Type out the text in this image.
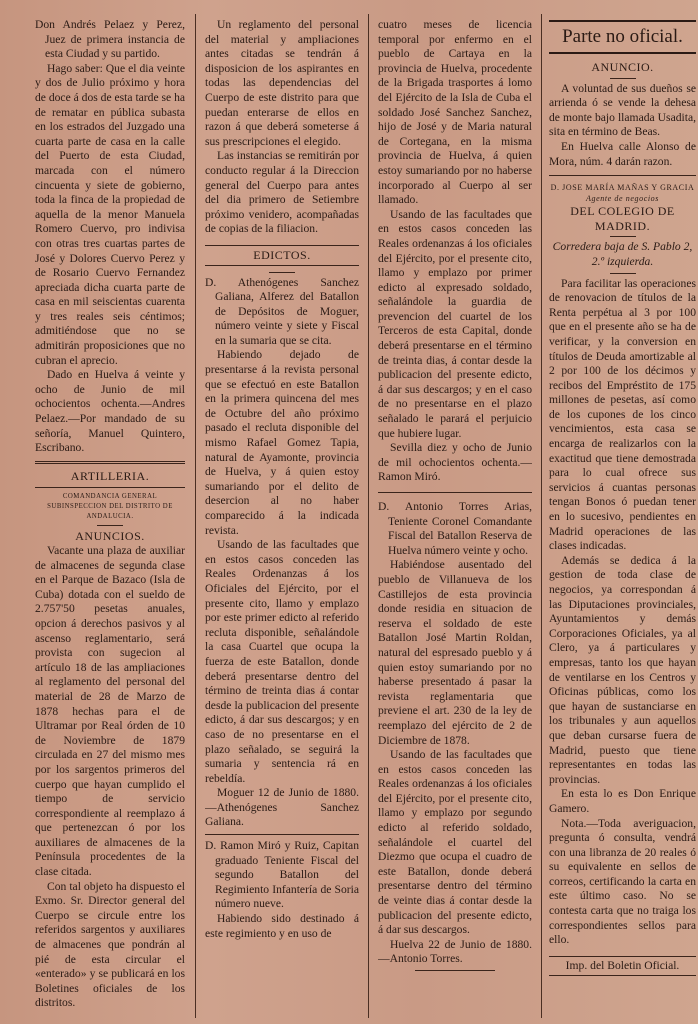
Don Andrés Pelaez y Perez, Juez de primera instancia de esta Ciudad y su partido.

Hago saber: Que el dia veinte y dos de Julio próximo y hora de doce á dos de esta tarde se ha de rematar en pública subasta en los estrados del Juzgado una cuarta parte de casa en la calle del Puerto de esta Ciudad, marcada con el número cincuenta y siete de gobierno, toda la finca de la propiedad de aquella de la menor Manuela Romero Cuervo, pro indivisa con otras tres cuartas partes de José y Dolores Cuervo Perez y de Rosario Cuervo Fernandez apreciada dicha cuarta parte de casa en mil seiscientas cuarenta y tres reales seis céntimos; admitiéndose que no se admitirán proposiciones que no cubran el aprecio.

Dado en Huelva á veinte y ocho de Junio de mil ochocientos ochenta.—Andres Pelaez.—Por mandado de su señoría, Manuel Quintero, Escribano.

ARTILLERIA.

COMANDANCIA GENERAL SUBINSPECCION DEL DISTRITO DE ANDALUCIA.

ANUNCIOS.

Vacante una plaza de auxiliar de almacenes de segunda clase en el Parque de Bazaco (Isla de Cuba) dotada con el sueldo de 2.757'50 pesetas anuales, opcion á derechos pasivos y al ascenso reglamentario, será provista con sugecion al artículo 18 de las ampliaciones al reglamento del personal del material de 28 de Marzo de 1878 hechas para el de Ultramar por Real órden de 10 de Noviembre de 1879 circulada en 27 del mismo mes por los sargentos primeros del cuerpo que hayan cumplido el tiempo de servicio correspondiente al reemplazo á que pertenezcan ó por los auxiliares de almacenes de la Península procedentes de la clase citada.

Con tal objeto ha dispuesto el Exmo. Sr. Director general del Cuerpo se circule entre los referidos sargentos y auxiliares de almacenes que pondrán al pié de esta circular el «enterado» y se publicará en los Boletines oficiales de los distritos.

Un reglamento del personal del material y ampliaciones antes citadas se tendrán á disposicion de los aspirantes en todas las dependencias del Cuerpo de este distrito para que puedan enterarse de ellos en razon á que deberá someterse á sus prescripciones el elegido.

Las instancias se remitirán por conducto regular á la Direccion general del Cuerpo para antes del dia primero de Setiembre próximo venidero, acompañadas de copias de la filiacion.

EDICTOS.

D. Athenógenes Sanchez Galiana, Alferez del Batallon de Depósitos de Moguer, número veinte y siete y Fiscal en la sumaria que se cita.

Habiendo dejado de presentarse á la revista personal que se efectuó en este Batallon en la primera quincena del mes de Octubre del año próximo pasado el recluta disponible del mismo Rafael Gomez Tapia, natural de Ayamonte, provincia de Huelva, y á quien estoy sumariando por el delito de desercion al no haber comparecido á la indicada revista.

Usando de las facultades que en estos casos conceden las Reales Ordenanzas á los Oficiales del Ejército, por el presente cito, llamo y emplazo por este primer edicto al referido recluta disponible, señalándole la casa Cuartel que ocupa la fuerza de este Batallon, donde deberá presentarse dentro del término de treinta dias á contar desde la publicacion del presente edicto, á dar sus descargos; y en caso de no presentarse en el plazo señalado, se seguirá la sumaria y sentencia rá en rebeldía.

Moguer 12 de Junio de 1880.—Athenógenes Sanchez Galiana.

D. Ramon Miró y Ruiz, Capitan graduado Teniente Fiscal del segundo Batallon del Regimiento Infantería de Soria número nueve.

Habiendo sido destinado á este regimiento y en uso de

cuatro meses de licencia temporal por enfermo en el pueblo de Cartaya en la provincia de Huelva, procedente de la Brigada trasportes á lomo del Ejército de la Isla de Cuba el soldado José Sanchez Sanchez, hijo de José y de Maria natural de Cortegana, en la misma provincia de Huelva, á quien estoy sumariando por no haberse incorporado al Cuerpo al ser llamado.

Usando de las facultades que en estos casos conceden las Reales ordenanzas á los oficiales del Ejército, por el presente cito, llamo y emplazo por primer edicto al expresado soldado, señalándole la guardia de prevencion del cuartel de los Terceros de esta Capital, donde deberá presentarse en el término de treinta dias, á contar desde la publicacion del presente edicto, á dar sus descargos; y en el caso de no presentarse en el plazo señalado le parará el perjuicio que hubiere lugar.

Sevilla diez y ocho de Junio de mil ochocientos ochenta.—Ramon Miró.

D. Antonio Torres Arias, Teniente Coronel Comandante Fiscal del Batallon Reserva de Huelva número veinte y ocho.

Habiéndose ausentado del pueblo de Villanueva de los Castillejos de esta provincia donde residia en situacion de reserva el soldado de este Batallon José Martin Roldan, natural del espresado pueblo y á quien estoy sumariando por no haberse presentado á pasar la revista reglamentaria que previene el art. 230 de la ley de reemplazo del ejército de 2 de Diciembre de 1878.

Usando de las facultades que en estos casos conceden las Reales ordenanzas á los oficiales del Ejército, por el presente cito, llamo y emplazo por segundo edicto al referido soldado, señalándole el cuartel del Diezmo que ocupa el cuadro de este Batallon, donde deberá presentarse dentro del término de veinte dias á contar desde la publicacion del presente edicto, á dar sus descargos.

Huelva 22 de Junio de 1880.—Antonio Torres.

Parte no oficial.

ANUNCIO.

A voluntad de sus dueños se arrienda ó se vende la dehesa de monte bajo llamada Usadita, sita en término de Beas.

En Huelva calle Alonso de Mora, núm. 4 darán razon.

D. JOSE MARÍA MAÑAS Y GRACIA

Agente de negocios

DEL COLEGIO DE MADRID.

Corredera baja de S. Pablo 2, 2.º izquierda.

Para facilitar las operaciones de renovacion de títulos de la Renta perpétua al 3 por 100 que en el presente año se ha de verificar, y la conversion en títulos de Deuda amortizable al 2 por 100 de los décimos y recibos del Empréstito de 175 millones de pesetas, así como de los cupones de los cinco vencimientos, esta casa se encarga de realizarlos con la exactitud que tiene demostrada para lo cual ofrece sus servicios á cuantas personas tengan Bonos ó puedan tener en lo sucesivo, pendientes en Madrid operaciones de las clases indicadas.

Además se dedica á la gestion de toda clase de negocios, ya correspondan á las Diputaciones provinciales, Ayuntamientos y demás Corporaciones Oficiales, ya al Clero, ya á particulares y empresas, tanto los que hayan de ventilarse en los Centros y Oficinas públicas, como los que hayan de sustanciarse en los tribunales y aun aquellos que deban cursarse fuera de Madrid, puesto que tiene representantes en todas las provincias.

En esta lo es Don Enrique Gamero.

Nota.—Toda averiguacion, pregunta ó consulta, vendrá con una libranza de 20 reales ó su equivalente en sellos de correos, certificando la carta en este último caso. No se contesta carta que no traiga los correspondientes sellos para ello.

Imp. del Boletin Oficial.
